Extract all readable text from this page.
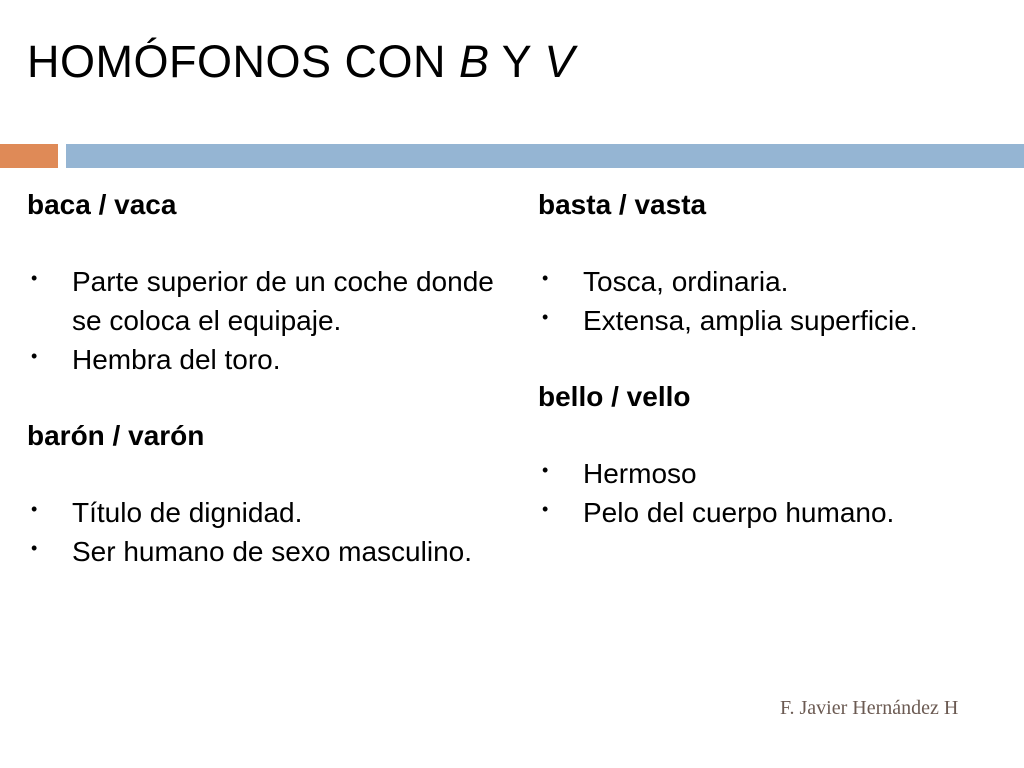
HOMÓFONOS CON B Y V

baca / vaca

• Parte superior de un coche donde se coloca el equipaje.
• Hembra del toro.

barón / varón

• Título de dignidad.
• Ser humano de sexo masculino.

basta / vasta

• Tosca, ordinaria.
• Extensa, amplia superficie.

bello / vello

• Hermoso
• Pelo del cuerpo humano.
F. Javier Hernández H
